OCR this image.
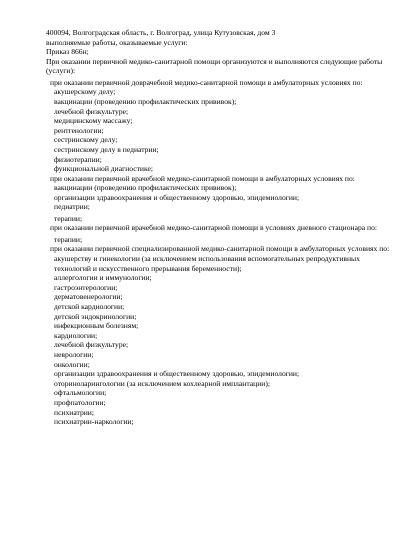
400094, Волгоградская область, г. Волгоград, улица Кутузовская, дом 3

выполняемые работы, оказываемые услуги:

Приказ 866н;

При оказании первичной медико-санитарной помощи организуются и выполняются следующие работы (услуги):

при оказании первичной доврачебной медико-санитарной помощи в амбулаторных условиях по:

акушерскому делу;

вакцинации (проведению профилактических прививок);

лечебной физкультуре;

медицинскому массажу;

рентгенологии;

сестринскому делу;

сестринскому делу в педиатрии;

физиотерапии;

функциональной диагностике;

при оказании первичной врачебной медико-санитарной помощи в амбулаторных условиях по:

вакцинации (проведению профилактических прививок);

организации здравоохранения и общественному здоровью, эпидемиологии;

педиатрии;

терапии;

при оказании первичной врачебной медико-санитарной помощи в условиях дневного стационара по:

терапии;

при оказании первичной специализированной медико-санитарной помощи в амбулаторных условиях по:

акушерству и гинекологии (за исключением использования вспомогательных репродуктивных технологий и искусственного прерывания беременности);

аллергологии и иммунологии;

гастроэнтерологии;

дерматовенерологии;

детской кардиологии;

детской эндокринологии;

инфекционным болезням;

кардиологии;

лечебной физкультуре;

неврологии;

онкологии;

организации здравоохранения и общественному здоровью, эпидемиологии;

оториноларингологии (за исключением кохлеарной имплантации);

офтальмологии;

профпатологии;

психиатрии;

психиатрии-наркологии;
